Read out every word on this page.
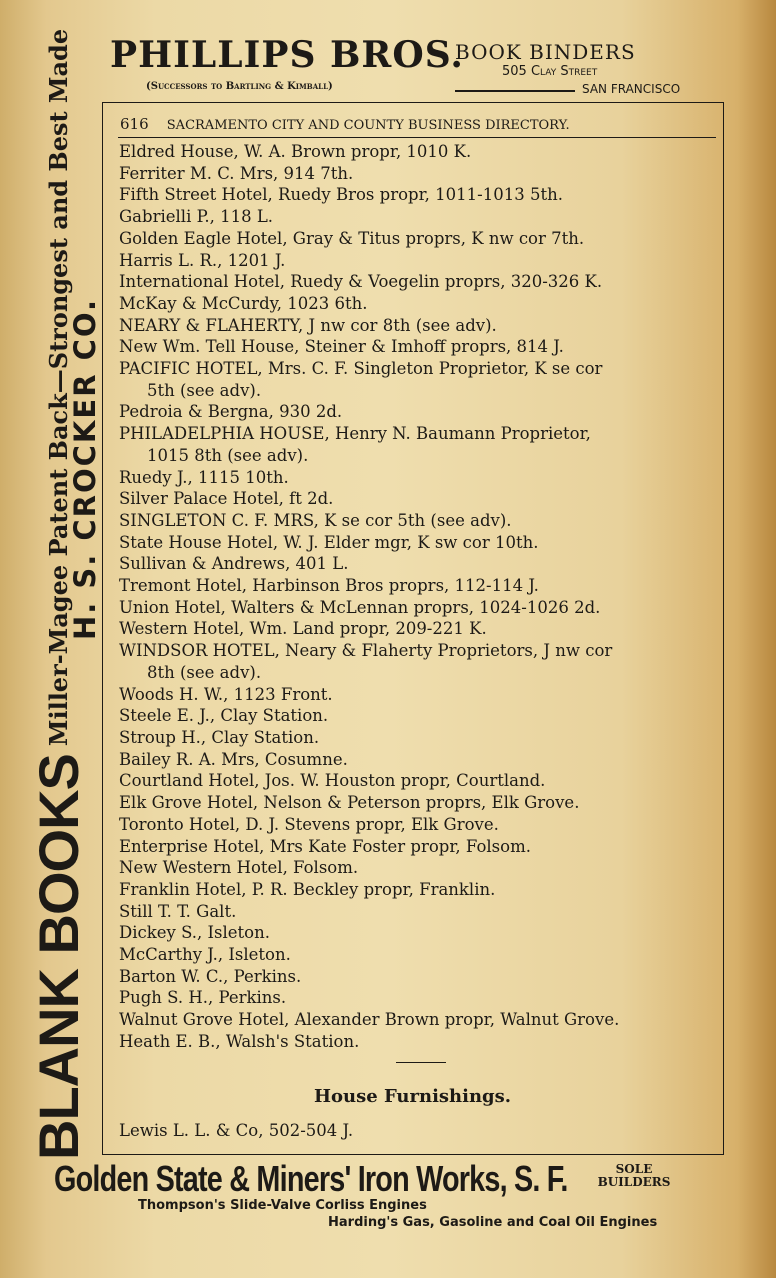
PHILLIPS BROS.
(Successors to Bartling & Kimball)
BOOK BINDERS
505 Clay Street
SAN FRANCISCO
616 SACRAMENTO CITY AND COUNTY BUSINESS DIRECTORY.
Eldred House, W. A. Brown propr, 1010 K.
Ferriter M. C. Mrs, 914 7th.
Fifth Street Hotel, Ruedy Bros propr, 1011-1013 5th.
Gabrielli P., 118 L.
Golden Eagle Hotel, Gray & Titus proprs, K nw cor 7th.
Harris L. R., 1201 J.
International Hotel, Ruedy & Voegelin proprs, 320-326 K.
McKay & McCurdy, 1023 6th.
NEARY & FLAHERTY, J nw cor 8th (see adv).
New Wm. Tell House, Steiner & Imhoff proprs, 814 J.
PACIFIC HOTEL, Mrs. C. F. Singleton Proprietor, K se cor
5th (see adv).
Pedroia & Bergna, 930 2d.
PHILADELPHIA HOUSE, Henry N. Baumann Proprietor,
1015 8th (see adv).
Ruedy J., 1115 10th.
Silver Palace Hotel, ft 2d.
SINGLETON C. F. MRS, K se cor 5th (see adv).
State House Hotel, W. J. Elder mgr, K sw cor 10th.
Sullivan & Andrews, 401 L.
Tremont Hotel, Harbinson Bros proprs, 112-114 J.
Union Hotel, Walters & McLennan proprs, 1024-1026 2d.
Western Hotel, Wm. Land propr, 209-221 K.
WINDSOR HOTEL, Neary & Flaherty Proprietors, J nw cor
8th (see adv).
Woods H. W., 1123 Front.
Steele E. J., Clay Station.
Stroup H., Clay Station.
Bailey R. A. Mrs, Cosumne.
Courtland Hotel, Jos. W. Houston propr, Courtland.
Elk Grove Hotel, Nelson & Peterson proprs, Elk Grove.
Toronto Hotel, D. J. Stevens propr, Elk Grove.
Enterprise Hotel, Mrs Kate Foster propr, Folsom.
New Western Hotel, Folsom.
Franklin Hotel, P. R. Beckley propr, Franklin.
Still T. T. Galt.
Dickey S., Isleton.
McCarthy J., Isleton.
Barton W. C., Perkins.
Pugh S. H., Perkins.
Walnut Grove Hotel, Alexander Brown propr, Walnut Grove.
Heath E. B., Walsh's Station.
House Furnishings.
Lewis L. L. & Co, 502-504 J.
BLANK BOOKSMiller-Magee Patent Back—Strongest and Best Made
H. S. CROCKER CO.
Golden State & Miners' Iron Works, S. F.	SOLE
BUILDERS
Thompson's Slide-Valve Corliss Engines
Harding's Gas, Gasoline and Coal Oil Engines
